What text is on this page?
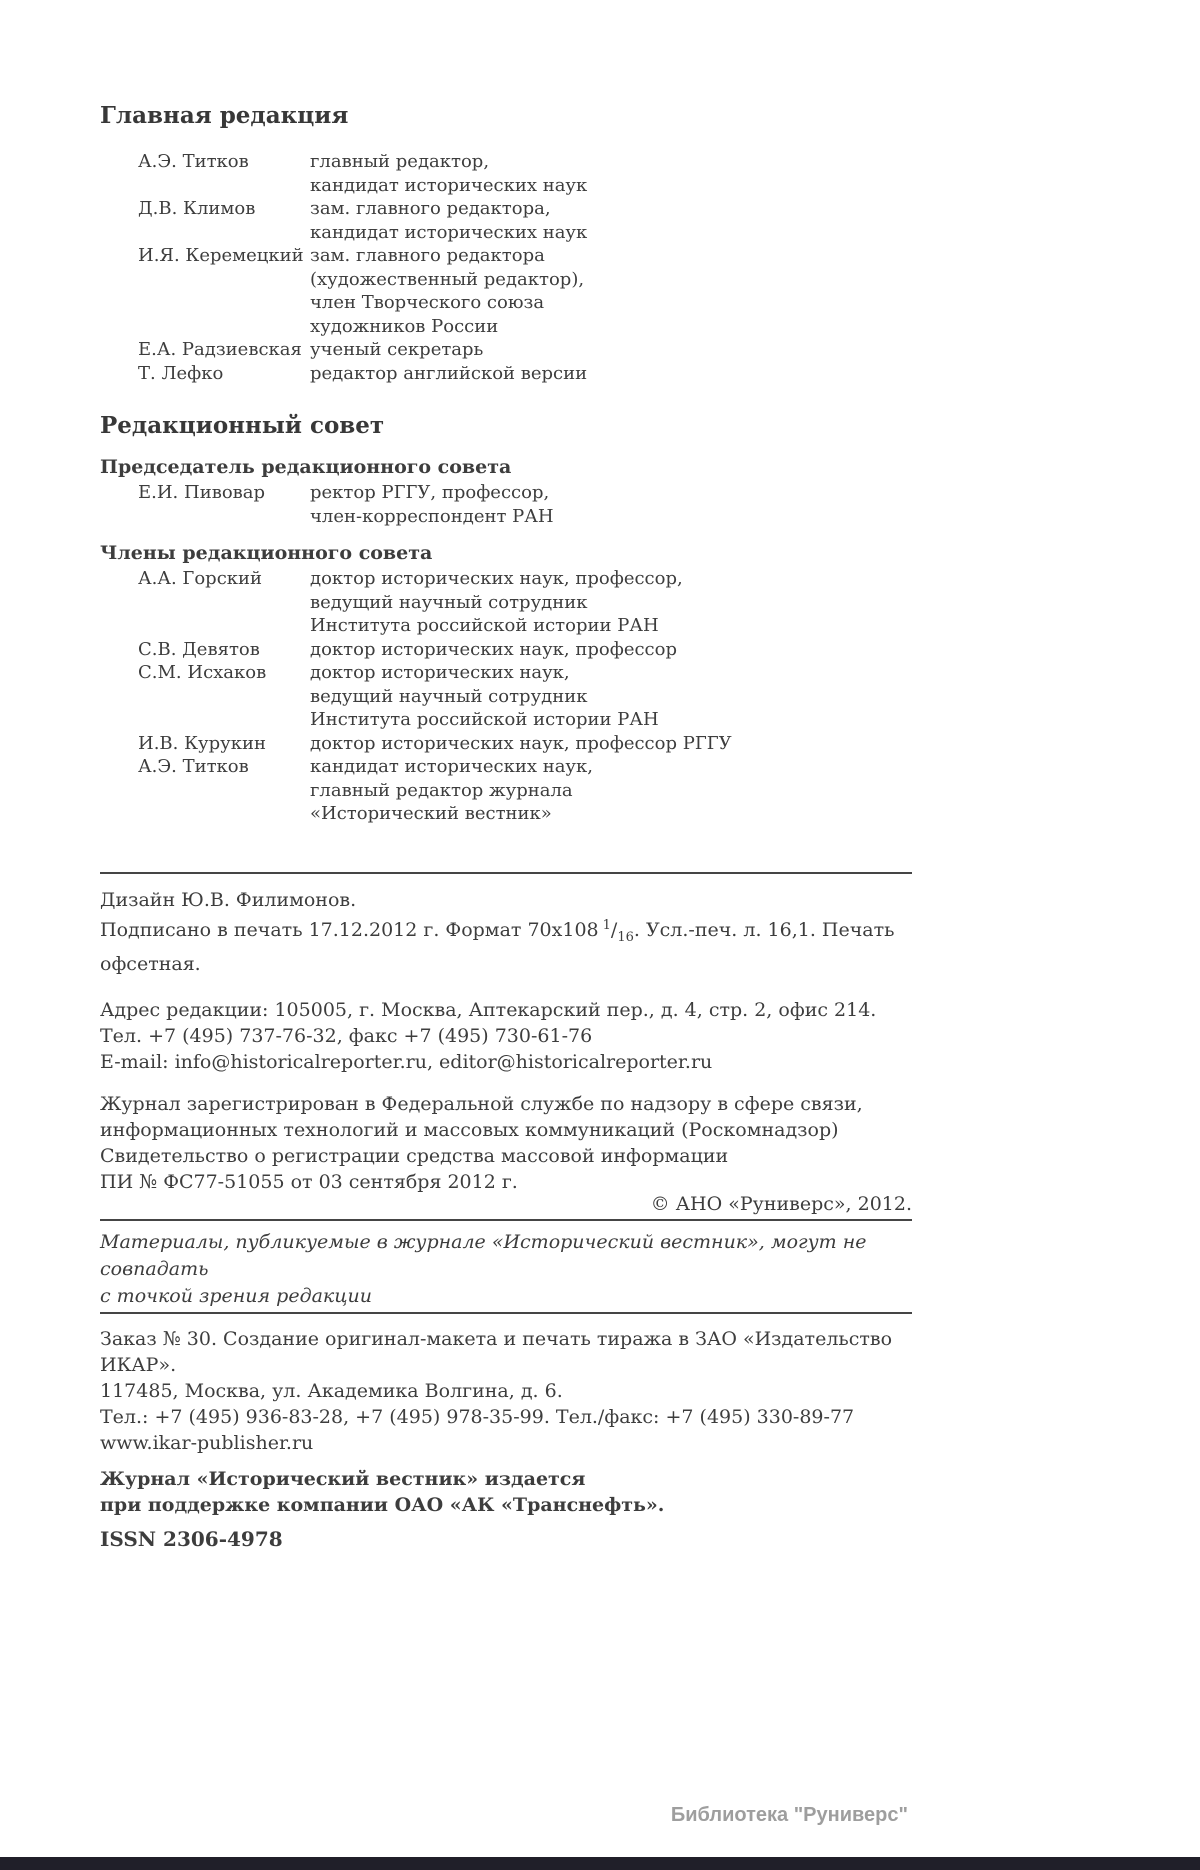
Главная редакция
А.Э. Титков	главный редактор,
кандидат исторических наук
Д.В. Климов	зам. главного редактора,
кандидат исторических наук
И.Я. Керемецкий зам. главного редактора
(художественный редактор),
член Творческого союза
художников России
Е.А. Радзиевская ученый секретарь
Т. Лефко	редактор английской версии
Редакционный совет
Председатель редакционного совета
Е.И. Пивовар	ректор РГГУ, профессор,
член-корреспондент РАН
Члены редакционного совета
А.А. Горский	доктор исторических наук, профессор,
ведущий научный сотрудник
Института российской истории РАН
С.В. Девятов	доктор исторических наук, профессор
С.М. Исхаков	доктор исторических наук,
ведущий научный сотрудник
Института российской истории РАН
И.В. Курукин	доктор исторических наук, профессор РГГУ
А.Э. Титков	кандидат исторических наук,
главный редактор журнала
«Исторический вестник»
Дизайн Ю.В. Филимонов.
Подписано в печать 17.12.2012 г. Формат 70x108 $^1/_{16}$. Усл.-печ. л. 16,1. Печать офсетная.
Адрес редакции: 105005, г. Москва, Аптекарский пер., д. 4, стр. 2, офис 214.
Тел. +7 (495) 737-76-32, факс +7 (495) 730-61-76
E-mail: info@historicalreporter.ru, editor@historicalreporter.ru
Журнал зарегистрирован в Федеральной службе по надзору в сфере связи,
информационных технологий и массовых коммуникаций (Роскомнадзор)
Свидетельство о регистрации средства массовой информации
ПИ № ФС77-51055 от 03 сентября 2012 г.
© АНО «Руниверс», 2012.
Материалы, публикуемые в журнале «Исторический вестник», могут не совпадать
с точкой зрения редакции
Заказ № 30. Создание оригинал-макета и печать тиража в ЗАО «Издательство ИКАР».
117485, Москва, ул. Академика Волгина, д. 6.
Тел.: +7 (495) 936-83-28, +7 (495) 978-35-99. Тел./факс: +7 (495) 330-89-77
www.ikar-publisher.ru
Журнал «Исторический вестник» издается
при поддержке компании ОАО «АК «Транснефть».
ISSN 2306-4978
Библиотека "Руниверс"
